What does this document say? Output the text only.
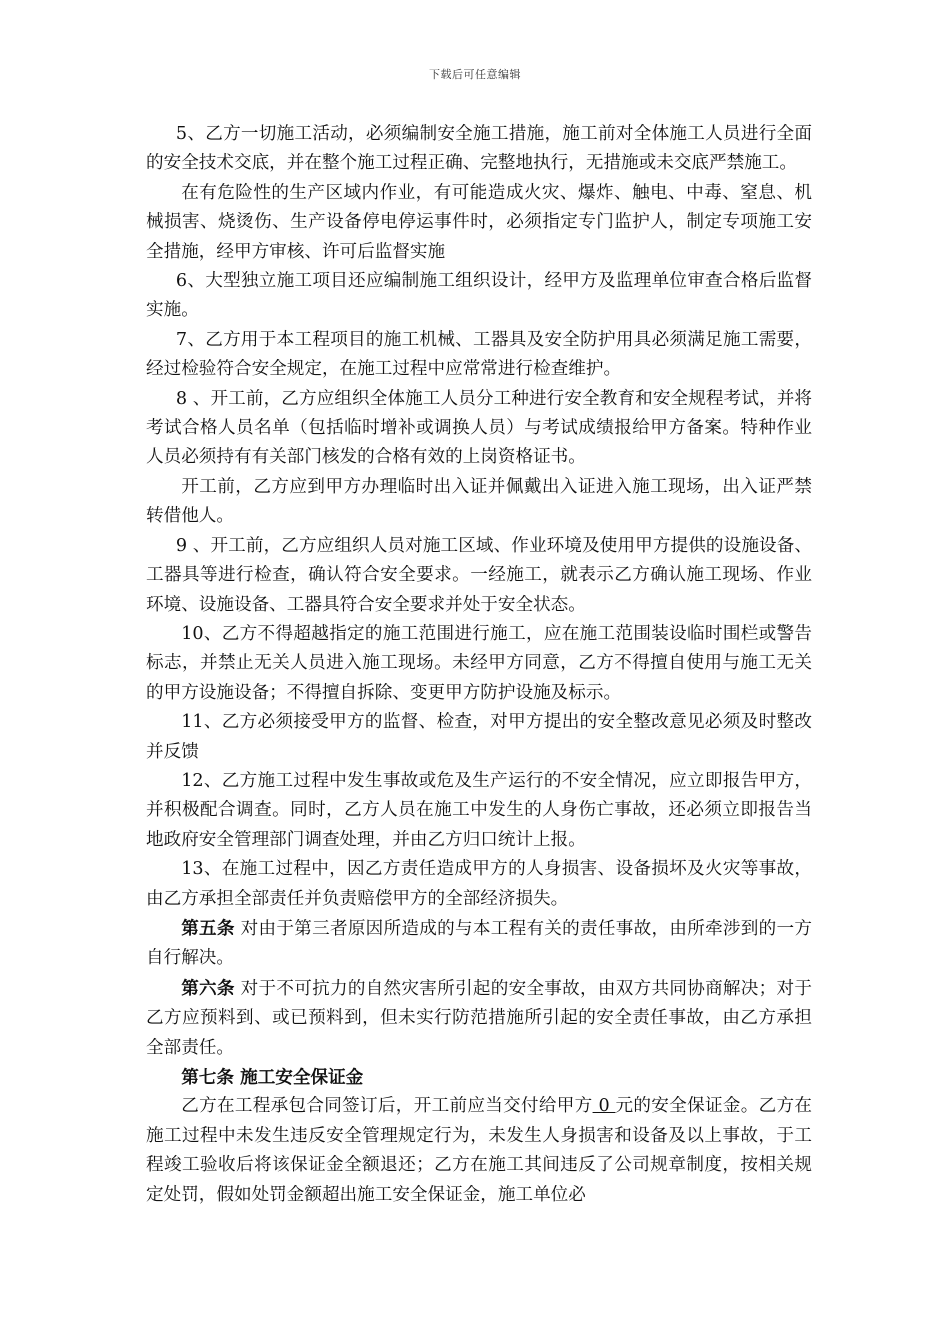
下载后可任意编辑

5、乙方一切施工活动，必须编制安全施工措施，施工前对全体施工人员进行全面的安全技术交底，并在整个施工过程正确、完整地执行，无措施或未交底严禁施工。

在有危险性的生产区域内作业，有可能造成火灾、爆炸、触电、中毒、窒息、机械损害、烧烫伤、生产设备停电停运事件时，必须指定专门监护人，制定专项施工安全措施，经甲方审核、许可后监督实施

6、大型独立施工项目还应编制施工组织设计，经甲方及监理单位审查合格后监督实施。

7、乙方用于本工程项目的施工机械、工器具及安全防护用具必须满足施工需要，经过检验符合安全规定，在施工过程中应常常进行检查维护。

8 、开工前，乙方应组织全体施工人员分工种进行安全教育和安全规程考试，并将考试合格人员名单（包括临时增补或调换人员）与考试成绩报给甲方备案。特种作业人员必须持有有关部门核发的合格有效的上岗资格证书。

开工前，乙方应到甲方办理临时出入证并佩戴出入证进入施工现场，出入证严禁转借他人。

9 、开工前，乙方应组织人员对施工区域、作业环境及使用甲方提供的设施设备、工器具等进行检查，确认符合安全要求。一经施工，就表示乙方确认施工现场、作业环境、设施设备、工器具符合安全要求并处于安全状态。

10、乙方不得超越指定的施工范围进行施工，应在施工范围装设临时围栏或警告标志，并禁止无关人员进入施工现场。未经甲方同意，乙方不得擅自使用与施工无关的甲方设施设备；不得擅自拆除、变更甲方防护设施及标示。

11、乙方必须接受甲方的监督、检查，对甲方提出的安全整改意见必须及时整改并反馈

12、乙方施工过程中发生事故或危及生产运行的不安全情况，应立即报告甲方，并积极配合调查。同时，乙方人员在施工中发生的人身伤亡事故，还必须立即报告当地政府安全管理部门调查处理，并由乙方归口统计上报。

13、在施工过程中，因乙方责任造成甲方的人身损害、设备损坏及火灾等事故，由乙方承担全部责任并负责赔偿甲方的全部经济损失。

第五条 对由于第三者原因所造成的与本工程有关的责任事故，由所牵涉到的一方自行解决。

第六条 对于不可抗力的自然灾害所引起的安全事故，由双方共同协商解决；对于乙方应预料到、或已预料到，但未实行防范措施所引起的安全责任事故，由乙方承担全部责任。

第七条 施工安全保证金

乙方在工程承包合同签订后，开工前应当交付给甲方 0 元的安全保证金。乙方在施工过程中未发生违反安全管理规定行为，未发生人身损害和设备及以上事故，于工程竣工验收后将该保证金全额退还；乙方在施工其间违反了公司规章制度，按相关规定处罚，假如处罚金额超出施工安全保证金，施工单位必
